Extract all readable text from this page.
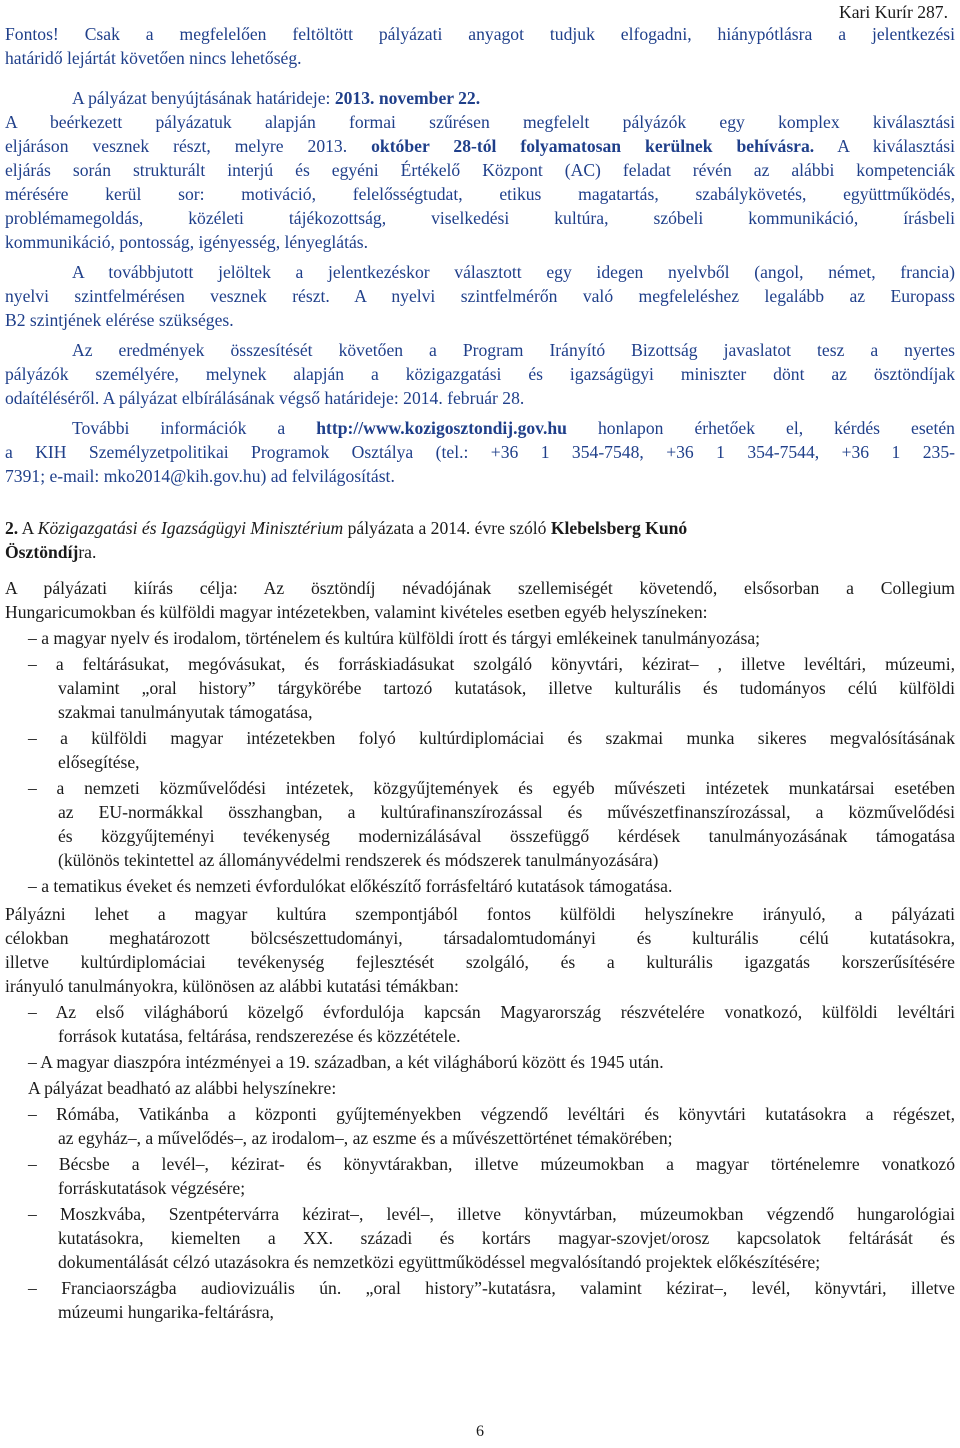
Kari Kurír 287.
Fontos! Csak a megfelelően feltöltött pályázati anyagot tudjuk elfogadni, hiánypótlásra a jelentkezési
határidő lejártát követően nincs lehetőség.
A pályázat benyújtásának határideje: 2013. november 22.
A beérkezett pályázatuk alapján formai szűrésen megfelelt pályázók egy komplex kiválasztási
eljáráson vesznek részt, melyre 2013. október 28-tól folyamatosan kerülnek behívásra. A kiválasztási
eljárás során strukturált interjú és egyéni Értékelő Központ (AC) feladat révén az alábbi kompetenciák
mérésére kerül sor: motiváció, felelősségtudat, etikus magatartás, szabálykövetés, együttműködés,
problémamegoldás, közéleti tájékozottság, viselkedési kultúra, szóbeli kommunikáció, írásbeli
kommunikáció, pontosság, igényesség, lényeglátás.
A továbbjutott jelöltek a jelentkezéskor választott egy idegen nyelvből (angol, német, francia)
nyelvi szintfelmérésen vesznek részt. A nyelvi szintfelmérőn való megfeleléshez legalább az Europass
B2 szintjének elérése szükséges.
Az eredmények összesítését követően a Program Irányító Bizottság javaslatot tesz a nyertes
pályázók személyére, melynek alapján a közigazgatási és igazságügyi miniszter dönt az ösztöndíjak
odaítéléséről. A pályázat elbírálásának végső határideje: 2014. február 28.
További információk a http://www.kozigosztondij.gov.hu honlapon érhetőek el, kérdés esetén
a KIH Személyzetpolitikai Programok Osztálya (tel.: +36 1 354-7548, +36 1 354-7544, +36 1 235-
7391; e-mail: mko2014@kih.gov.hu) ad felvilágosítást.
2. A Közigazgatási és Igazságügyi Minisztérium pályázata a 2014. évre szóló Klebelsberg Kunó
Ösztöndíjra.
A pályázati kiírás célja: Az ösztöndíj névadójának szellemiségét követendő, elsősorban a Collegium
Hungaricumokban és külföldi magyar intézetekben, valamint kivételes esetben egyéb helyszíneken:
– a magyar nyelv és irodalom, történelem és kultúra külföldi írott és tárgyi emlékeinek tanulmányozása;
– a feltárásukat, megóvásukat, és forráskiadásukat szolgáló könyvtári, kézirat– , illetve levéltári, múzeumi,
valamint „oral history” tárgykörébe tartozó kutatások, illetve kulturális és tudományos célú külföldi
szakmai tanulmányutak támogatása,
– a külföldi magyar intézetekben folyó kultúrdiplomáciai és szakmai munka sikeres megvalósításának
elősegítése,
– a nemzeti közművelődési intézetek, közgyűjtemények és egyéb művészeti intézetek munkatársai esetében
az EU-normákkal összhangban, a kultúrafinanszírozással és művészetfinanszírozással, a közművelődési
és közgyűjteményi tevékenység modernizálásával összefüggő kérdések tanulmányozásának támogatása
(különös tekintettel az állományvédelmi rendszerek és módszerek tanulmányozására)
– a tematikus éveket és nemzeti évfordulókat előkészítő forrásfeltáró kutatások támogatása.
Pályázni lehet a magyar kultúra szempontjából fontos külföldi helyszínekre irányuló, a pályázati
célokban meghatározott bölcsészettudományi, társadalomtudományi és kulturális célú kutatásokra,
illetve kultúrdiplomáciai tevékenység fejlesztését szolgáló, és a kulturális igazgatás korszerűsítésére
irányuló tanulmányokra, különösen az alábbi kutatási témákban:
– Az első világháború közelgő évfordulója kapcsán Magyarország részvételére vonatkozó, külföldi levéltári
források kutatása, feltárása, rendszerezése és közzététele.
– A magyar diaszpóra intézményei a 19. században, a két világháború között és 1945 után.
A pályázat beadható az alábbi helyszínekre:
– Rómába, Vatikánba a központi gyűjteményekben végzendő levéltári és könyvtári kutatásokra a régészet,
az egyház–, a művelődés–, az irodalom–, az eszme és a művészettörténet témakörében;
– Bécsbe a levél–, kézirat- és könyvtárakban, illetve múzeumokban a magyar történelemre vonatkozó
forráskutatások végzésére;
– Moszkvába, Szentpétervárra kézirat–, levél–, illetve könyvtárban, múzeumokban végzendő hungarológiai
kutatásokra, kiemelten a XX. századi és kortárs magyar-szovjet/orosz kapcsolatok feltárását és
dokumentálását célzó utazásokra és nemzetközi együttműködéssel megvalósítandó projektek előkészítésére;
– Franciaországba audiovizuális ún. „oral history”-kutatásra, valamint kézirat–, levél, könyvtári, illetve
múzeumi hungarika-feltárásra,
6
